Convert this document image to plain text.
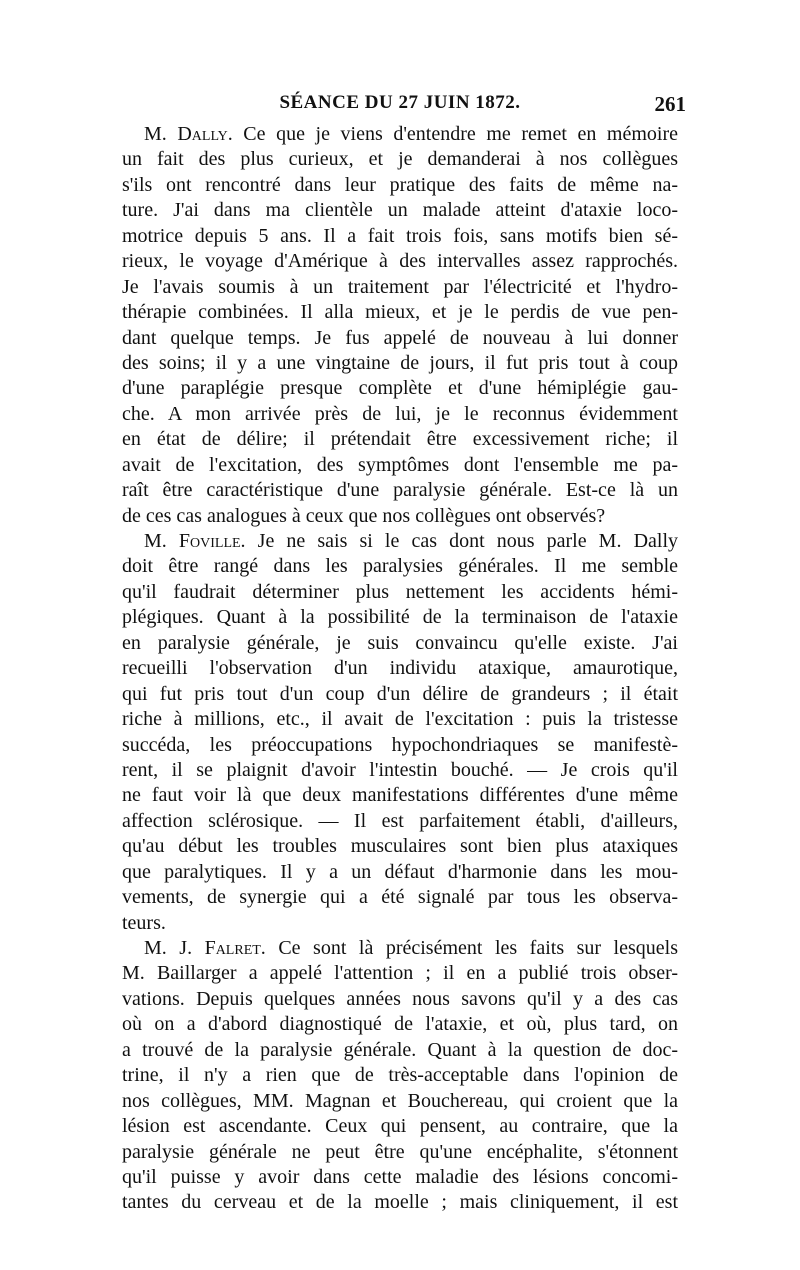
SÉANCE DU 27 JUIN 1872.	261
M. Dally. Ce que je viens d'entendre me remet en mémoire
un fait des plus curieux, et je demanderai à nos collègues
s'ils ont rencontré dans leur pratique des faits de même na-
ture. J'ai dans ma clientèle un malade atteint d'ataxie loco-
motrice depuis 5 ans. Il a fait trois fois, sans motifs bien sé-
rieux, le voyage d'Amérique à des intervalles assez rapprochés.
Je l'avais soumis à un traitement par l'électricité et l'hydro-
thérapie combinées. Il alla mieux, et je le perdis de vue pen-
dant quelque temps. Je fus appelé de nouveau à lui donner
des soins; il y a une vingtaine de jours, il fut pris tout à coup
d'une paraplégie presque complète et d'une hémiplégie gau-
che. A mon arrivée près de lui, je le reconnus évidemment
en état de délire; il prétendait être excessivement riche; il
avait de l'excitation, des symptômes dont l'ensemble me pa-
raît être caractéristique d'une paralysie générale. Est-ce là un
de ces cas analogues à ceux que nos collègues ont observés?
M. Foville. Je ne sais si le cas dont nous parle M. Dally
doit être rangé dans les paralysies générales. Il me semble
qu'il faudrait déterminer plus nettement les accidents hémi-
plégiques. Quant à la possibilité de la terminaison de l'ataxie
en paralysie générale, je suis convaincu qu'elle existe. J'ai
recueilli l'observation d'un individu ataxique, amaurotique,
qui fut pris tout d'un coup d'un délire de grandeurs ; il était
riche à millions, etc., il avait de l'excitation : puis la tristesse
succéda, les préoccupations hypochondriaques se manifestè-
rent, il se plaignit d'avoir l'intestin bouché. — Je crois qu'il
ne faut voir là que deux manifestations différentes d'une même
affection sclérosique. — Il est parfaitement établi, d'ailleurs,
qu'au début les troubles musculaires sont bien plus ataxiques
que paralytiques. Il y a un défaut d'harmonie dans les mou-
vements, de synergie qui a été signalé par tous les observa-
teurs.
M. J. Falret. Ce sont là précisément les faits sur lesquels
M. Baillarger a appelé l'attention ; il en a publié trois obser-
vations. Depuis quelques années nous savons qu'il y a des cas
où on a d'abord diagnostiqué de l'ataxie, et où, plus tard, on
a trouvé de la paralysie générale. Quant à la question de doc-
trine, il n'y a rien que de très-acceptable dans l'opinion de
nos collègues, MM. Magnan et Bouchereau, qui croient que la
lésion est ascendante. Ceux qui pensent, au contraire, que la
paralysie générale ne peut être qu'une encéphalite, s'étonnent
qu'il puisse y avoir dans cette maladie des lésions concomi-
tantes du cerveau et de la moelle ; mais cliniquement, il est
